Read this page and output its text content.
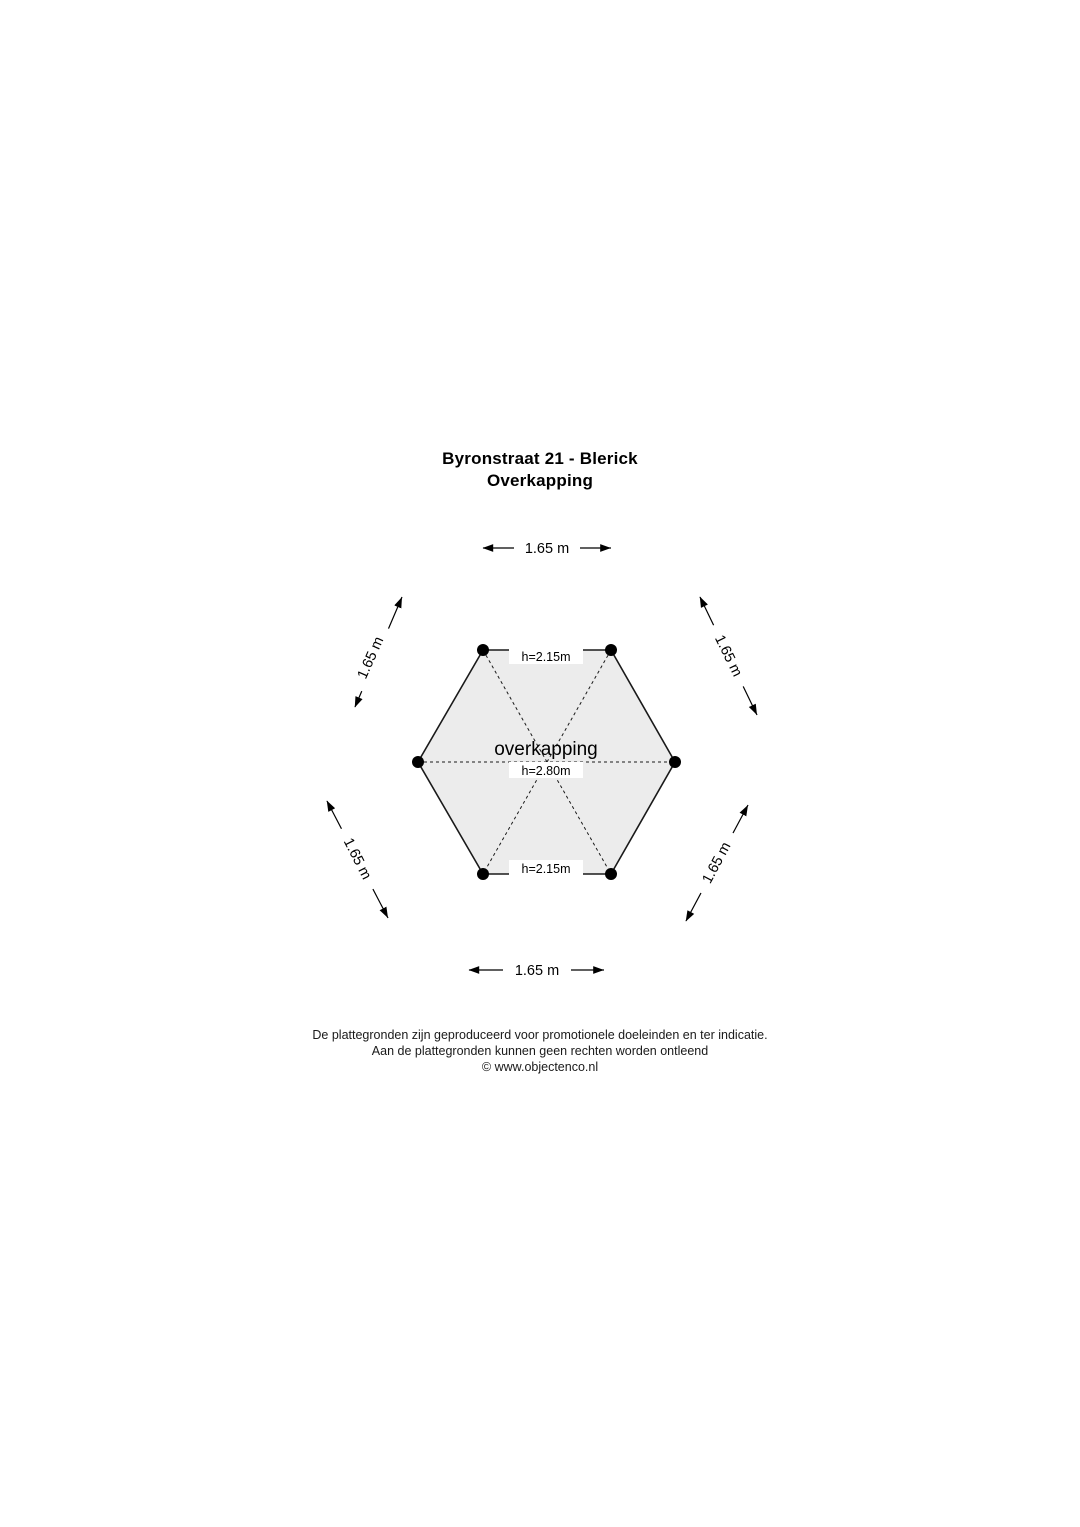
Byronstraat 21 - Blerick
Overkapping
overkapping
h=2.15m
h=2.80m
h=2.15m
1.65 m
1.65 m	1.65 m
1.65 m	1.65 m
1.65 m
De plattegronden zijn geproduceerd voor promotionele doeleinden en ter indicatie.
Aan de plattegronden kunnen geen rechten worden ontleend
© www.objectenco.nl
